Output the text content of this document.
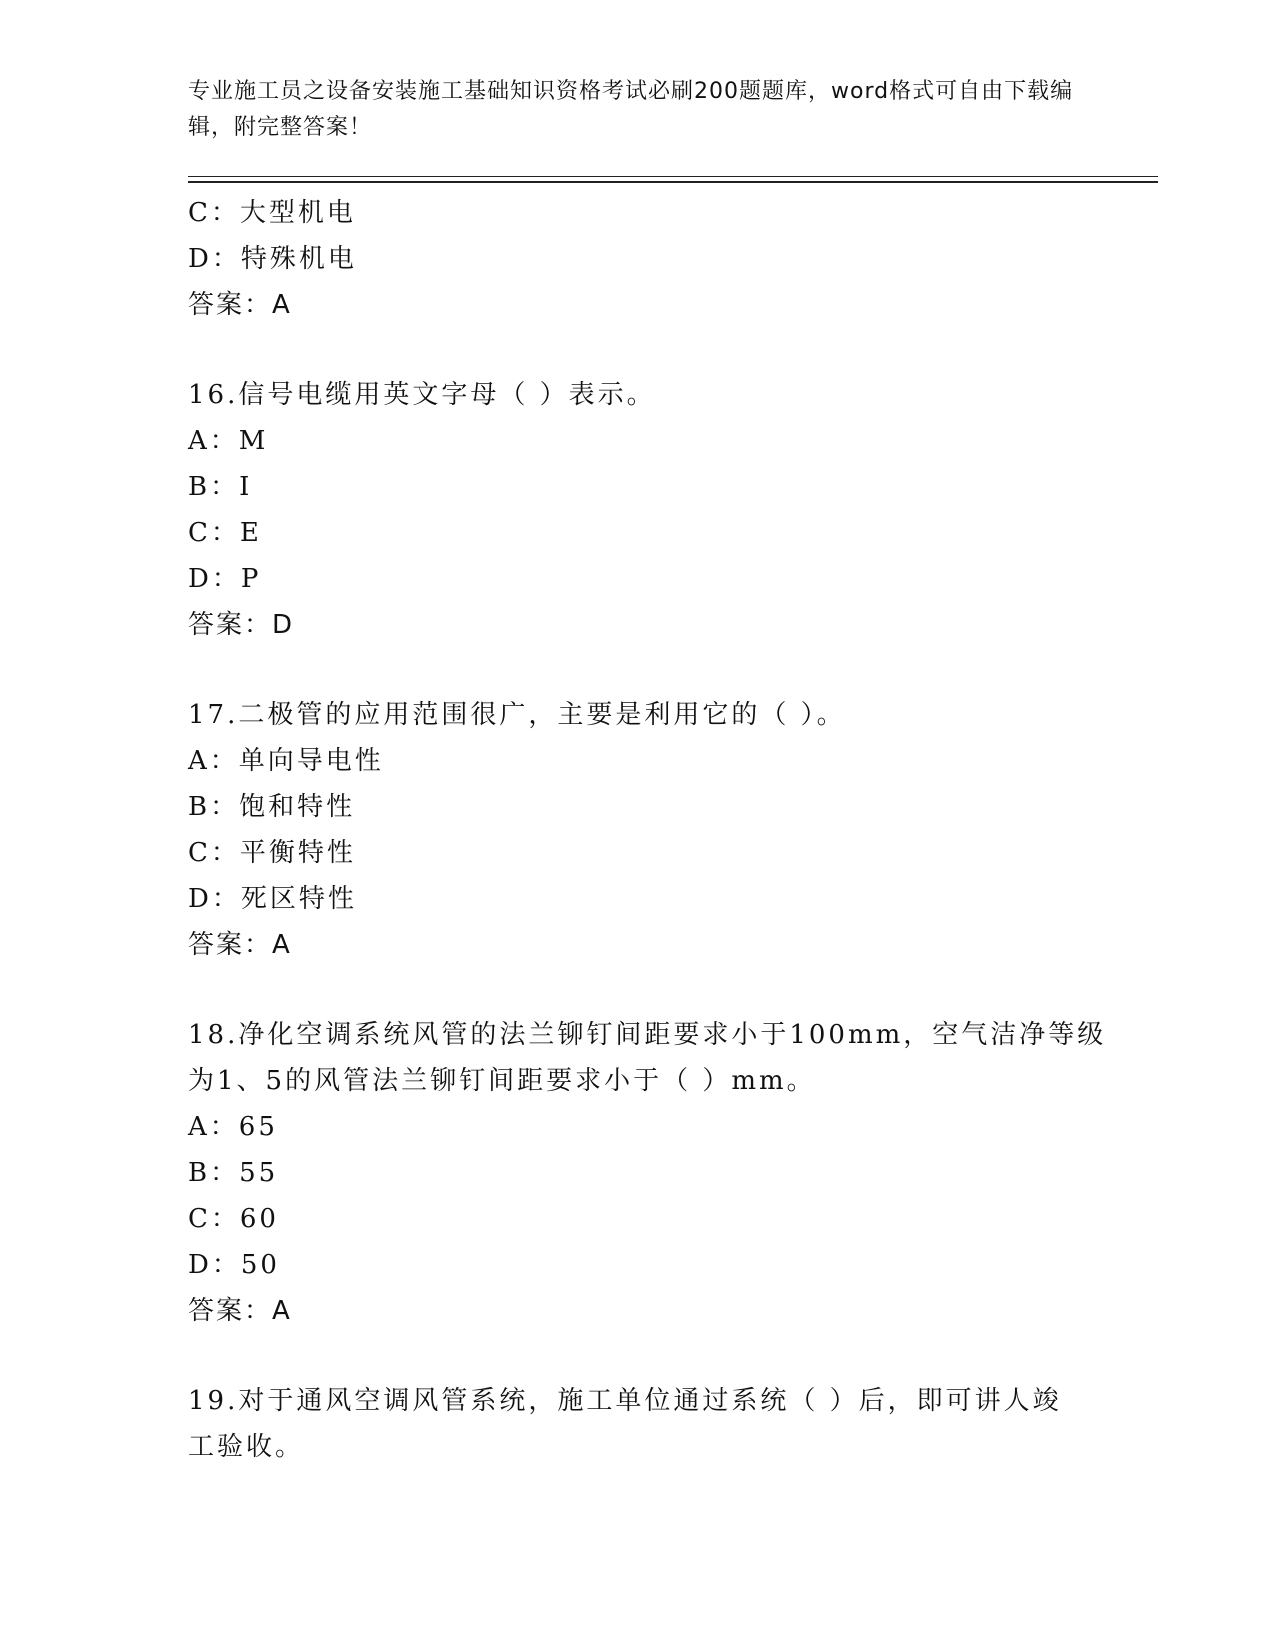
专业施工员之设备安装施工基础知识资格考试必刷200题题库，word格式可自由下载编辑，附完整答案！
C：大型机电
D：特殊机电
答案：A
16.信号电缆用英文字母（ ）表示。
A：M
B：I
C：E
D：P
答案：D
17.二极管的应用范围很广，主要是利用它的（ ）。
A：单向导电性
B：饱和特性
C：平衡特性
D：死区特性
答案：A
18.净化空调系统风管的法兰铆钉间距要求小于100mm，空气洁净等级
为1、5的风管法兰铆钉间距要求小于（ ）mm。
A：65
B：55
C：60
D：50
答案：A
19.对于通风空调风管系统，施工单位通过系统（ ）后，即可讲人竣
工验收。
